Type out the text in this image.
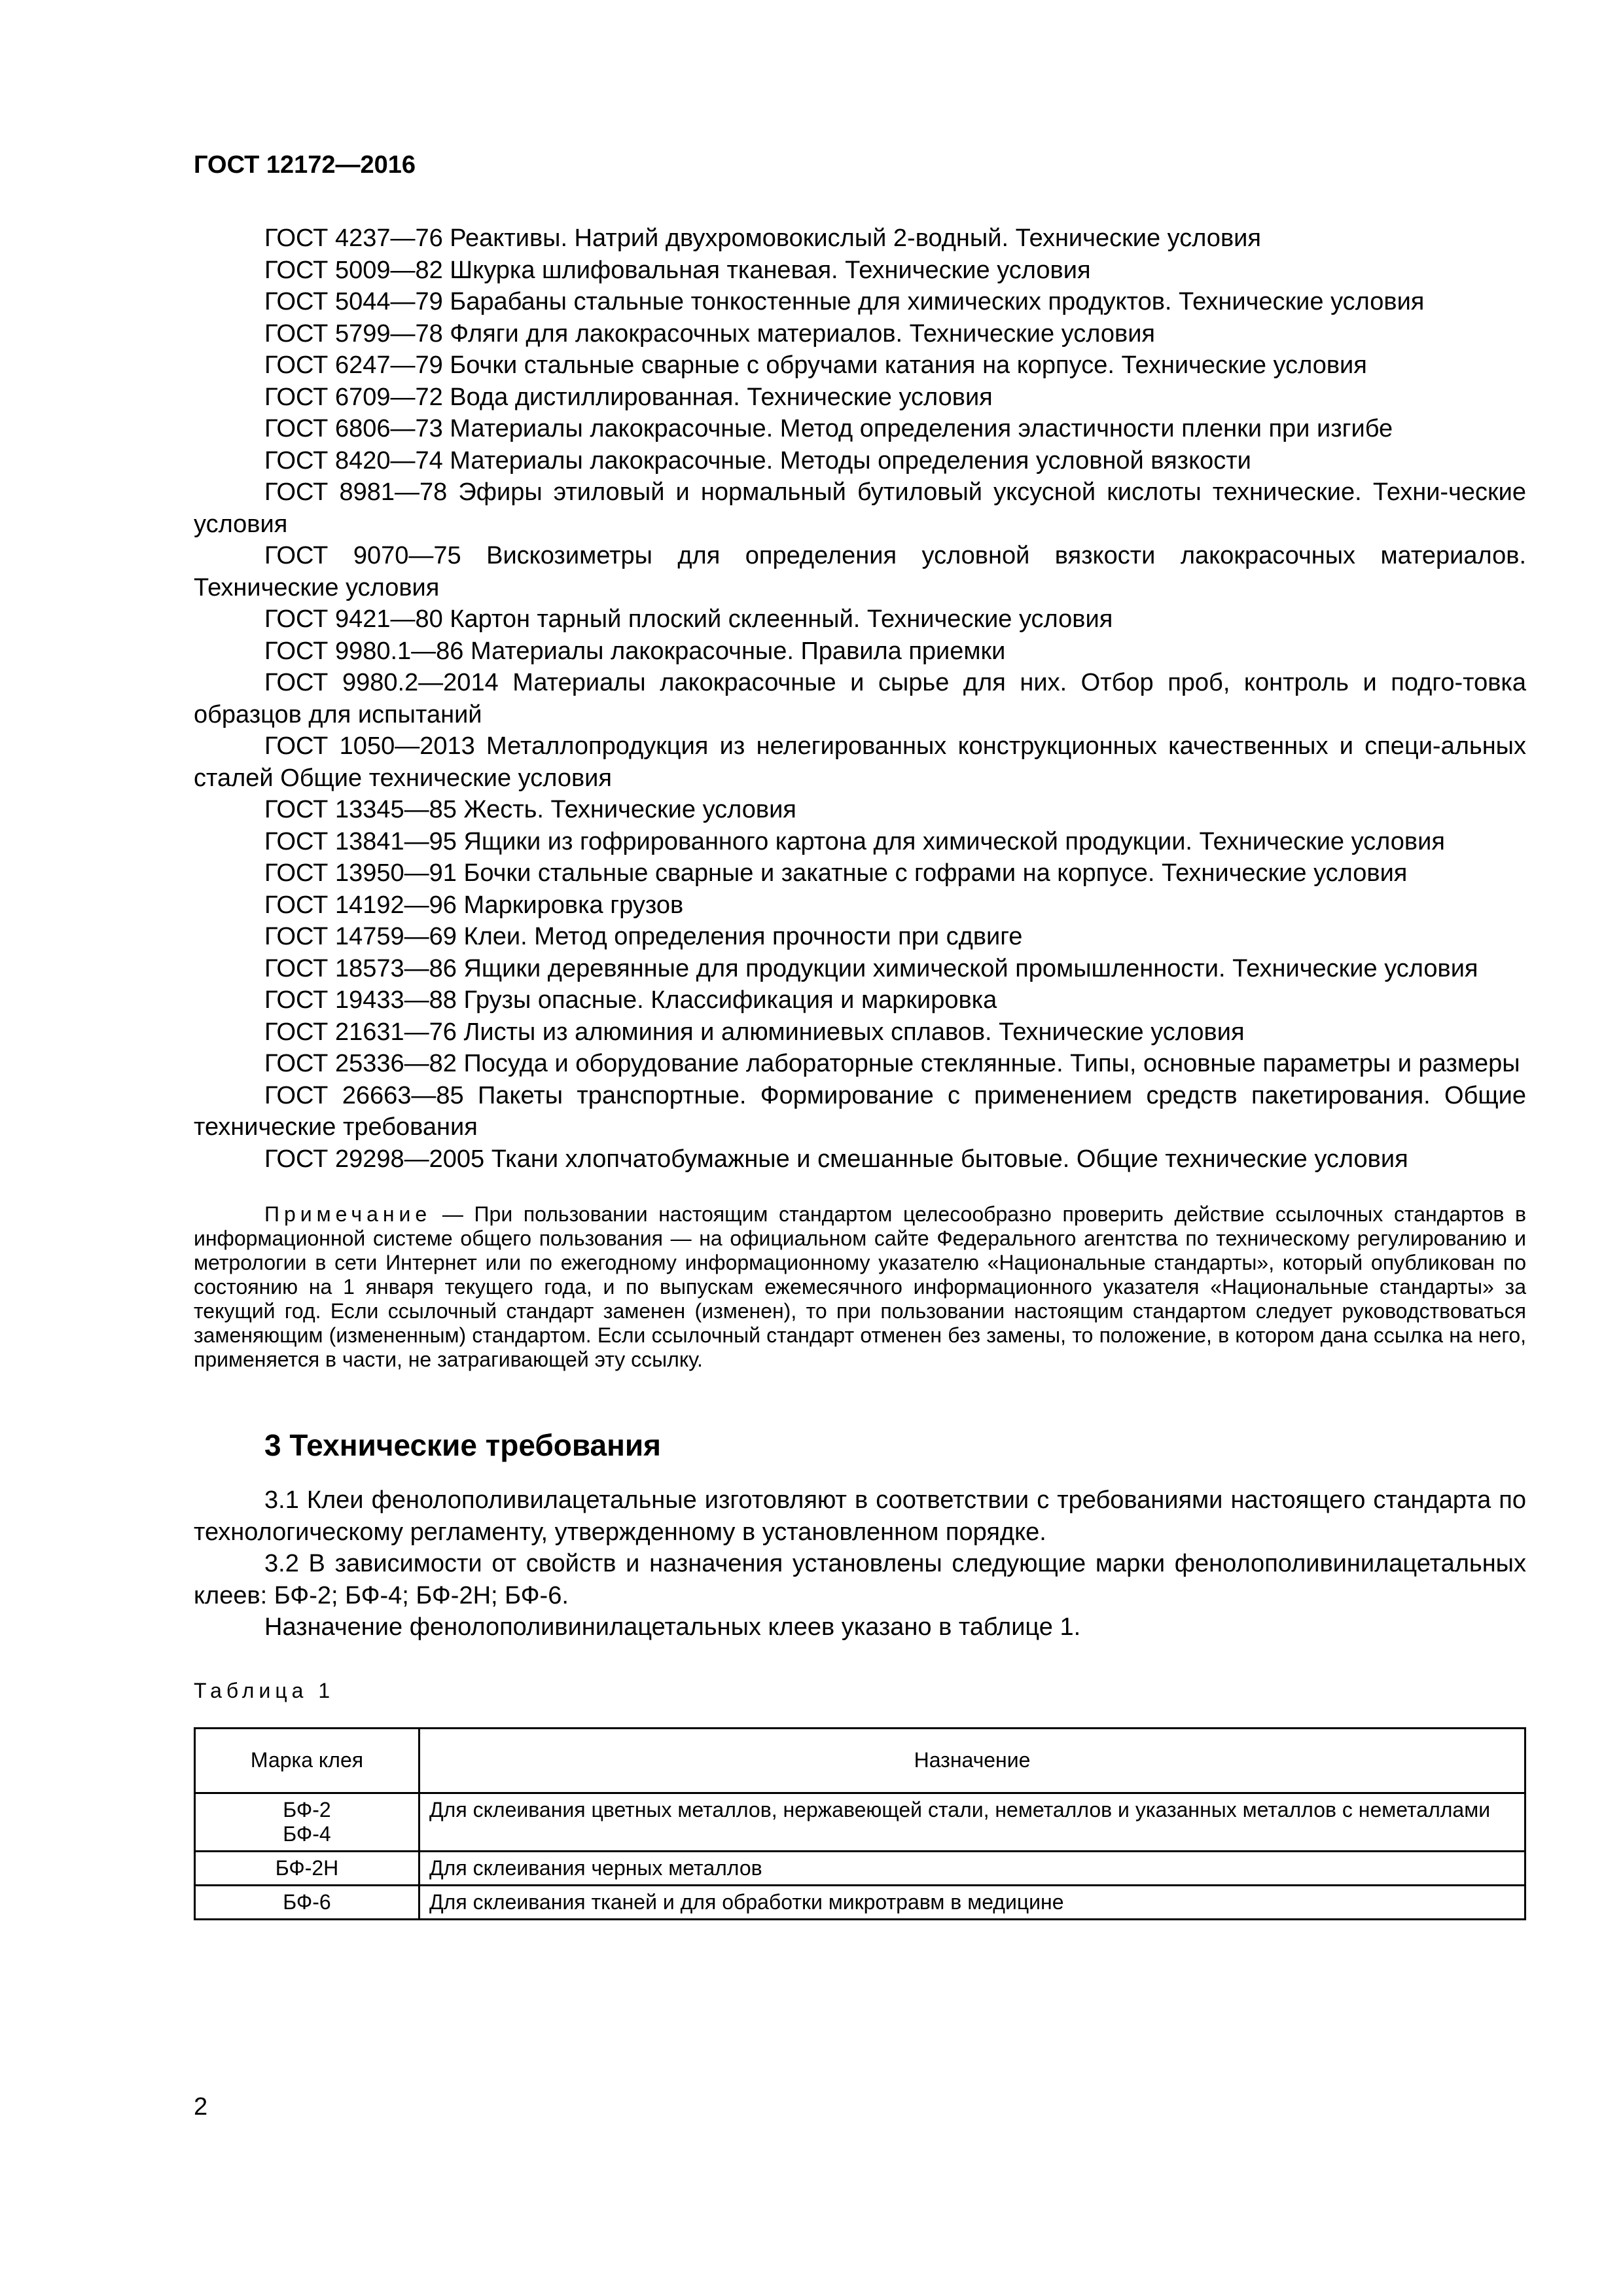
ГОСТ 12172—2016

ГОСТ 4237—76 Реактивы. Натрий двухромовокислый 2-водный. Технические условия

ГОСТ 5009—82 Шкурка шлифовальная тканевая. Технические условия

ГОСТ 5044—79 Барабаны стальные тонкостенные для химических продуктов. Технические условия

ГОСТ 5799—78 Фляги для лакокрасочных материалов. Технические условия

ГОСТ 6247—79 Бочки стальные сварные с обручами катания на корпусе. Технические условия

ГОСТ 6709—72 Вода дистиллированная. Технические условия

ГОСТ 6806—73 Материалы лакокрасочные. Метод определения эластичности пленки при изгибе

ГОСТ 8420—74 Материалы лакокрасочные. Методы определения условной вязкости

ГОСТ 8981—78 Эфиры этиловый и нормальный бутиловый уксусной кислоты технические. Техни-ческие условия

ГОСТ 9070—75 Вискозиметры для определения условной вязкости лакокрасочных материалов. Технические условия

ГОСТ 9421—80 Картон тарный плоский склеенный. Технические условия

ГОСТ 9980.1—86 Материалы лакокрасочные. Правила приемки

ГОСТ 9980.2—2014 Материалы лакокрасочные и сырье для них. Отбор проб, контроль и подго-товка образцов для испытаний

ГОСТ 1050—2013 Металлопродукция из нелегированных конструкционных качественных и специ-альных сталей Общие технические условия

ГОСТ 13345—85 Жесть. Технические условия

ГОСТ 13841—95 Ящики из гофрированного картона для химической продукции. Технические условия

ГОСТ 13950—91 Бочки стальные сварные и закатные с гофрами на корпусе. Технические условия

ГОСТ 14192—96 Маркировка грузов

ГОСТ 14759—69 Клеи. Метод определения прочности при сдвиге

ГОСТ 18573—86 Ящики деревянные для продукции химической промышленности. Технические условия

ГОСТ 19433—88 Грузы опасные. Классификация и маркировка

ГОСТ 21631—76 Листы из алюминия и алюминиевых сплавов. Технические условия

ГОСТ 25336—82 Посуда и оборудование лабораторные стеклянные. Типы, основные параметры и размеры

ГОСТ 26663—85 Пакеты транспортные. Формирование с применением средств пакетирования. Общие технические требования

ГОСТ 29298—2005 Ткани хлопчатобумажные и смешанные бытовые. Общие технические условия

Примечание — При пользовании настоящим стандартом целесообразно проверить действие ссылочных стандартов в информационной системе общего пользования — на официальном сайте Федерального агентства по техническому регулированию и метрологии в сети Интернет или по ежегодному информационному указателю «Национальные стандарты», который опубликован по состоянию на 1 января текущего года, и по выпускам ежемесячного информационного указателя «Национальные стандарты» за текущий год. Если ссылочный стандарт заменен (изменен), то при пользовании настоящим стандартом следует руководствоваться заменяющим (измененным) стандартом. Если ссылочный стандарт отменен без замены, то положение, в котором дана ссылка на него, применяется в части, не затрагивающей эту ссылку.
3 Технические требования

3.1 Клеи фенолополивилацетальные изготовляют в соответствии с требованиями настоящего стандарта по технологическому регламенту, утвержденному в установленном порядке.

3.2 В зависимости от свойств и назначения установлены следующие марки фенолополивинилацетальных клеев: БФ-2; БФ-4; БФ-2Н; БФ-6.

Назначение фенолополивинилацетальных клеев указано в таблице 1.

Таблица 1
Марка клея	Назначение

БФ-2
БФ-4	Для склеивания цветных металлов, нержавеющей стали, неметаллов и указанных металлов с неметаллами

БФ-2Н	Для склеивания черных металлов

БФ-6	Для склеивания тканей и для обработки микротравм в медицине
2
